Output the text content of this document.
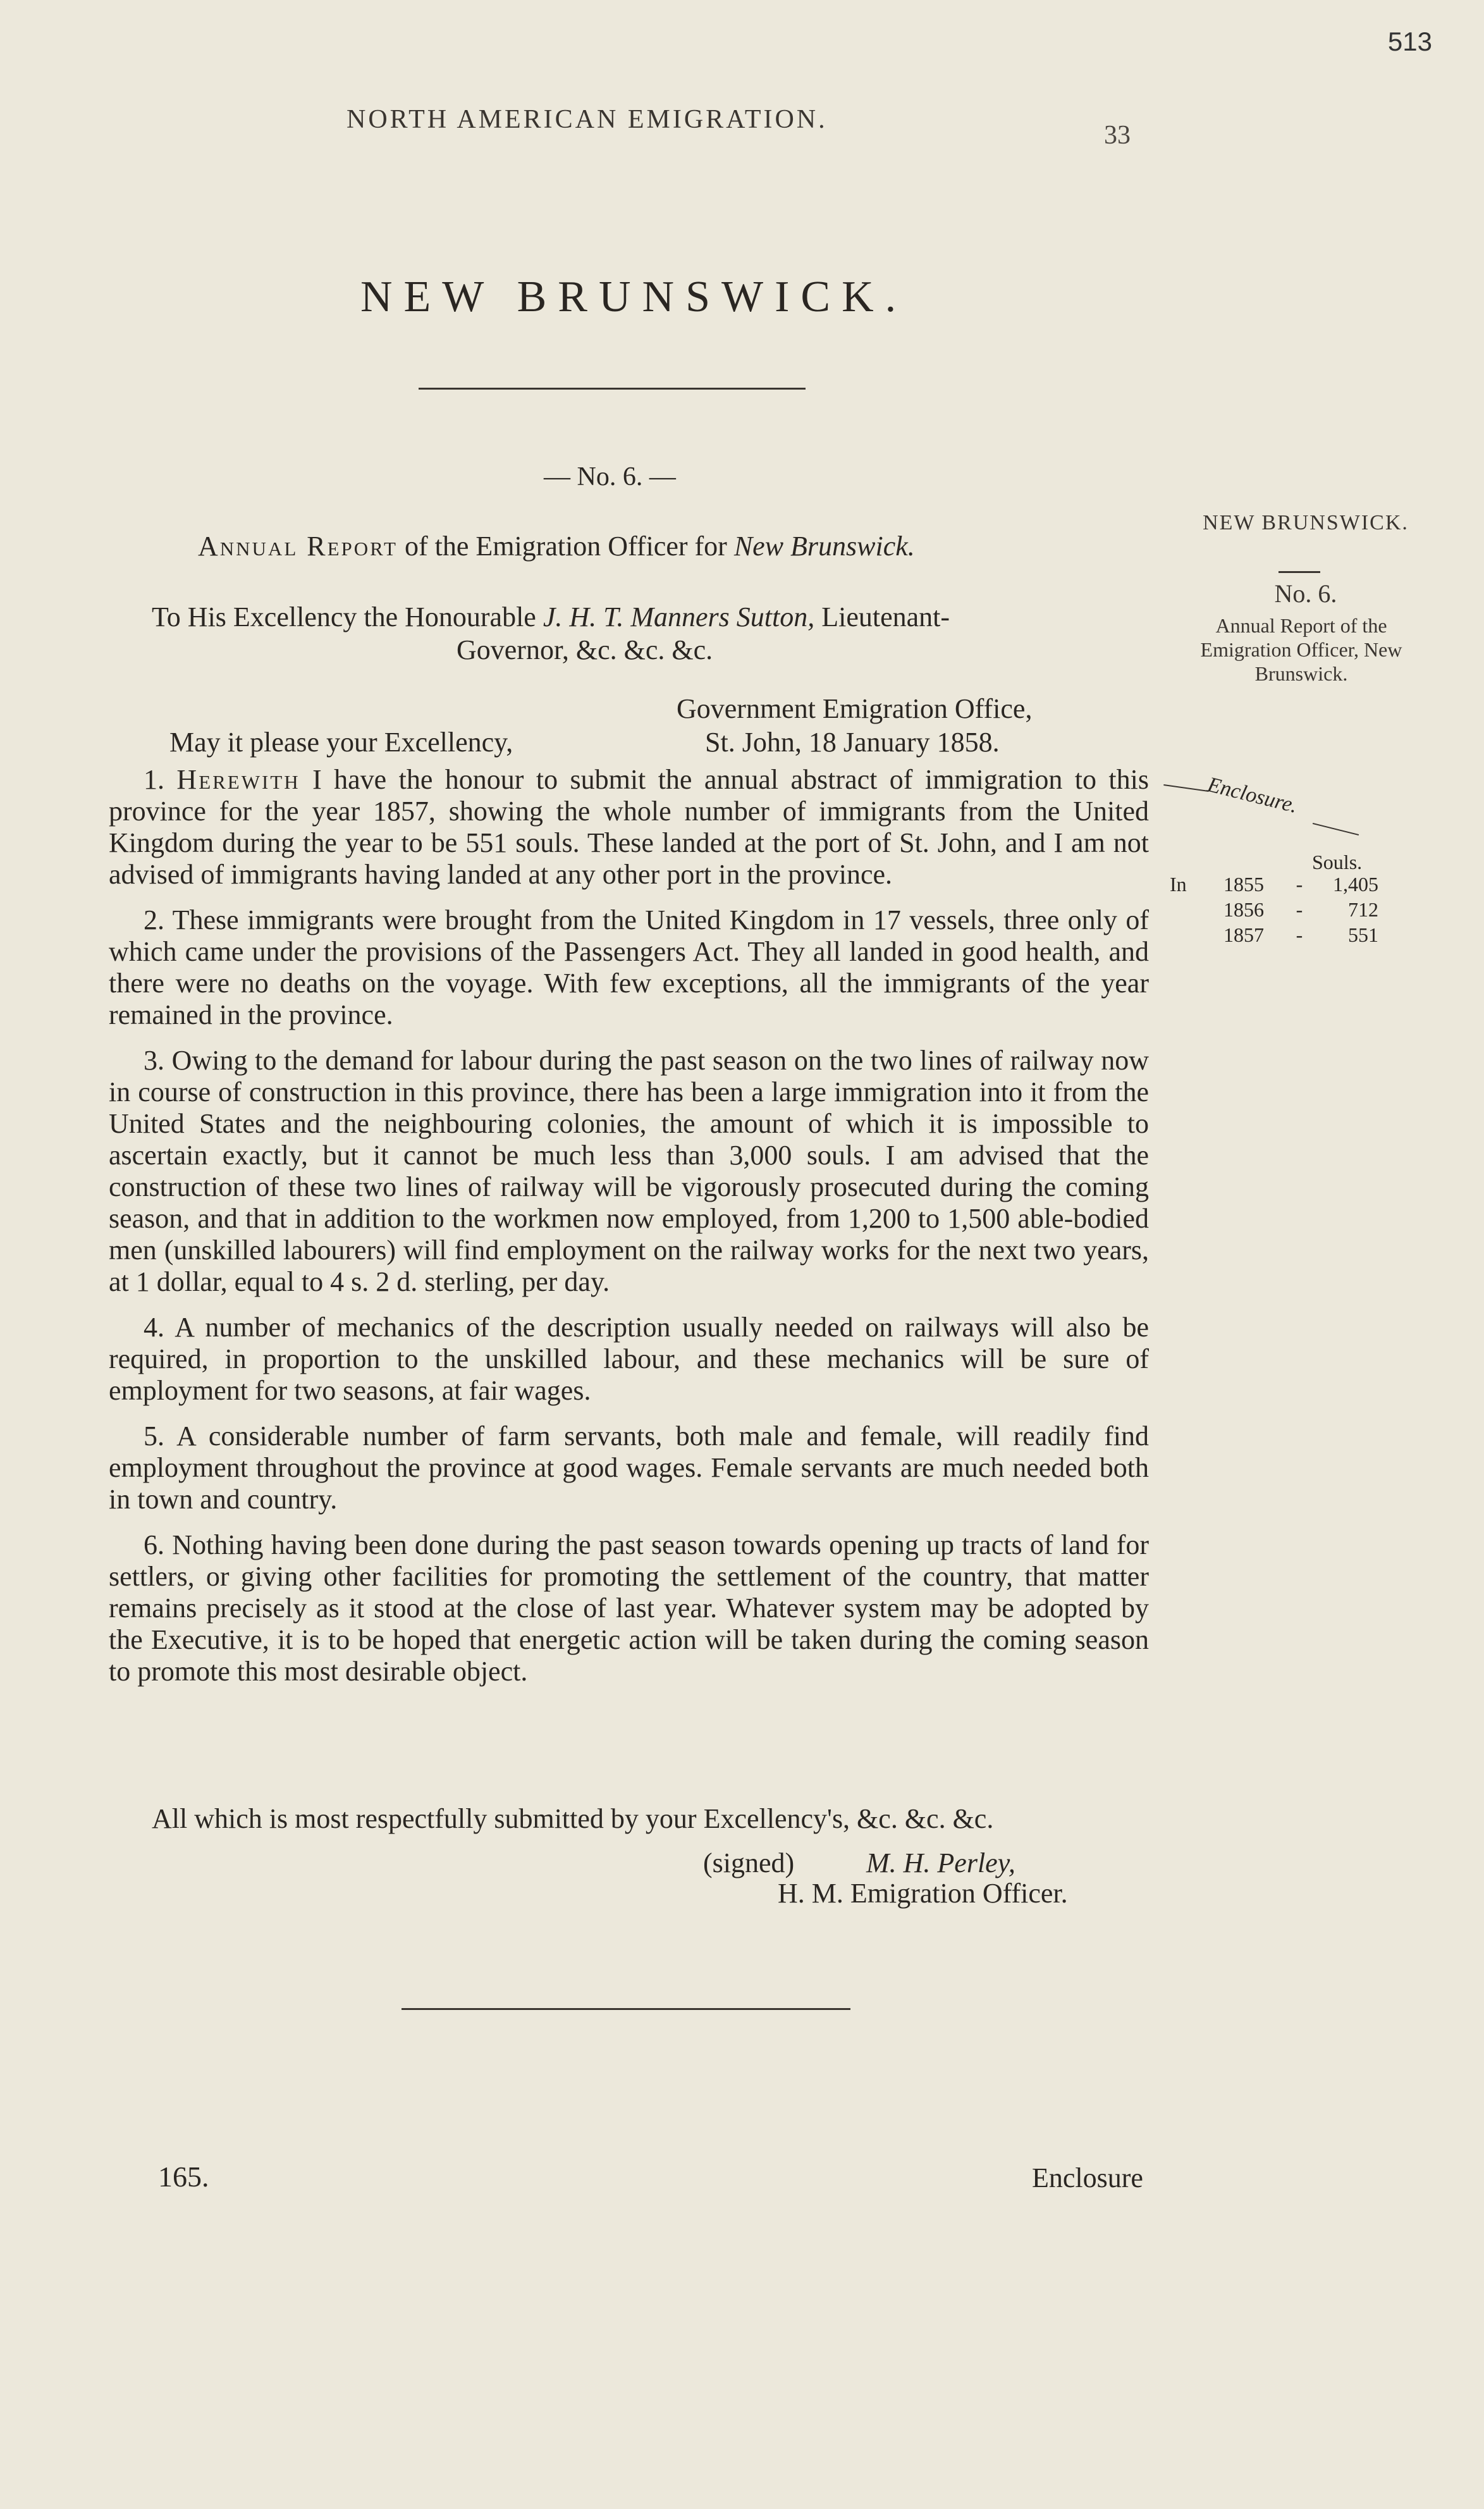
513
NORTH AMERICAN EMIGRATION.
33
NEW BRUNSWICK.
— No. 6. —
Annual Report of the Emigration Officer for New Brunswick.
To His Excellency the Honourable J. H. T. Manners Sutton, Lieutenant-
Governor, &c. &c. &c.
Government Emigration Office,
May it please your Excellency,	St. John, 18 January 1858.

1. Herewith I have the honour to submit the annual abstract of immigration to this province for the year 1857, showing the whole number of immigrants from the United Kingdom during the year to be 551 souls. These landed at the port of St. John, and I am not advised of immigrants having landed at any other port in the province.

2. These immigrants were brought from the United Kingdom in 17 vessels, three only of which came under the provisions of the Passengers Act. They all landed in good health, and there were no deaths on the voyage. With few exceptions, all the immigrants of the year remained in the province.

3. Owing to the demand for labour during the past season on the two lines of railway now in course of construction in this province, there has been a large immigration into it from the United States and the neighbouring colonies, the amount of which it is impossible to ascertain exactly, but it cannot be much less than 3,000 souls. I am advised that the construction of these two lines of railway will be vigorously prosecuted during the coming season, and that in addition to the workmen now employed, from 1,200 to 1,500 able-bodied men (unskilled labourers) will find employment on the railway works for the next two years, at 1 dollar, equal to 4 s. 2 d. sterling, per day.

4. A number of mechanics of the description usually needed on railways will also be required, in proportion to the unskilled labour, and these mechanics will be sure of employment for two seasons, at fair wages.

5. A considerable number of farm servants, both male and female, will readily find employment throughout the province at good wages. Female servants are much needed both in town and country.

6. Nothing having been done during the past season towards opening up tracts of land for settlers, or giving other facilities for promoting the settlement of the country, that matter remains precisely as it stood at the close of last year. Whatever system may be adopted by the Executive, it is to be hoped that energetic action will be taken during the coming season to promote this most desirable object.

All which is most respectfully submitted by your Excellency's, &c. &c. &c.
(signed)	M. H. Perley,
H. M. Emigration Officer.
165.	Enclosure
NEW BRUNSWICK.
No. 6.
Annual Report of the Emigration Officer, New Brunswick.
Enclosure.
Souls.
In	1855	-	1,405
1856	-	712
1857	-	551
